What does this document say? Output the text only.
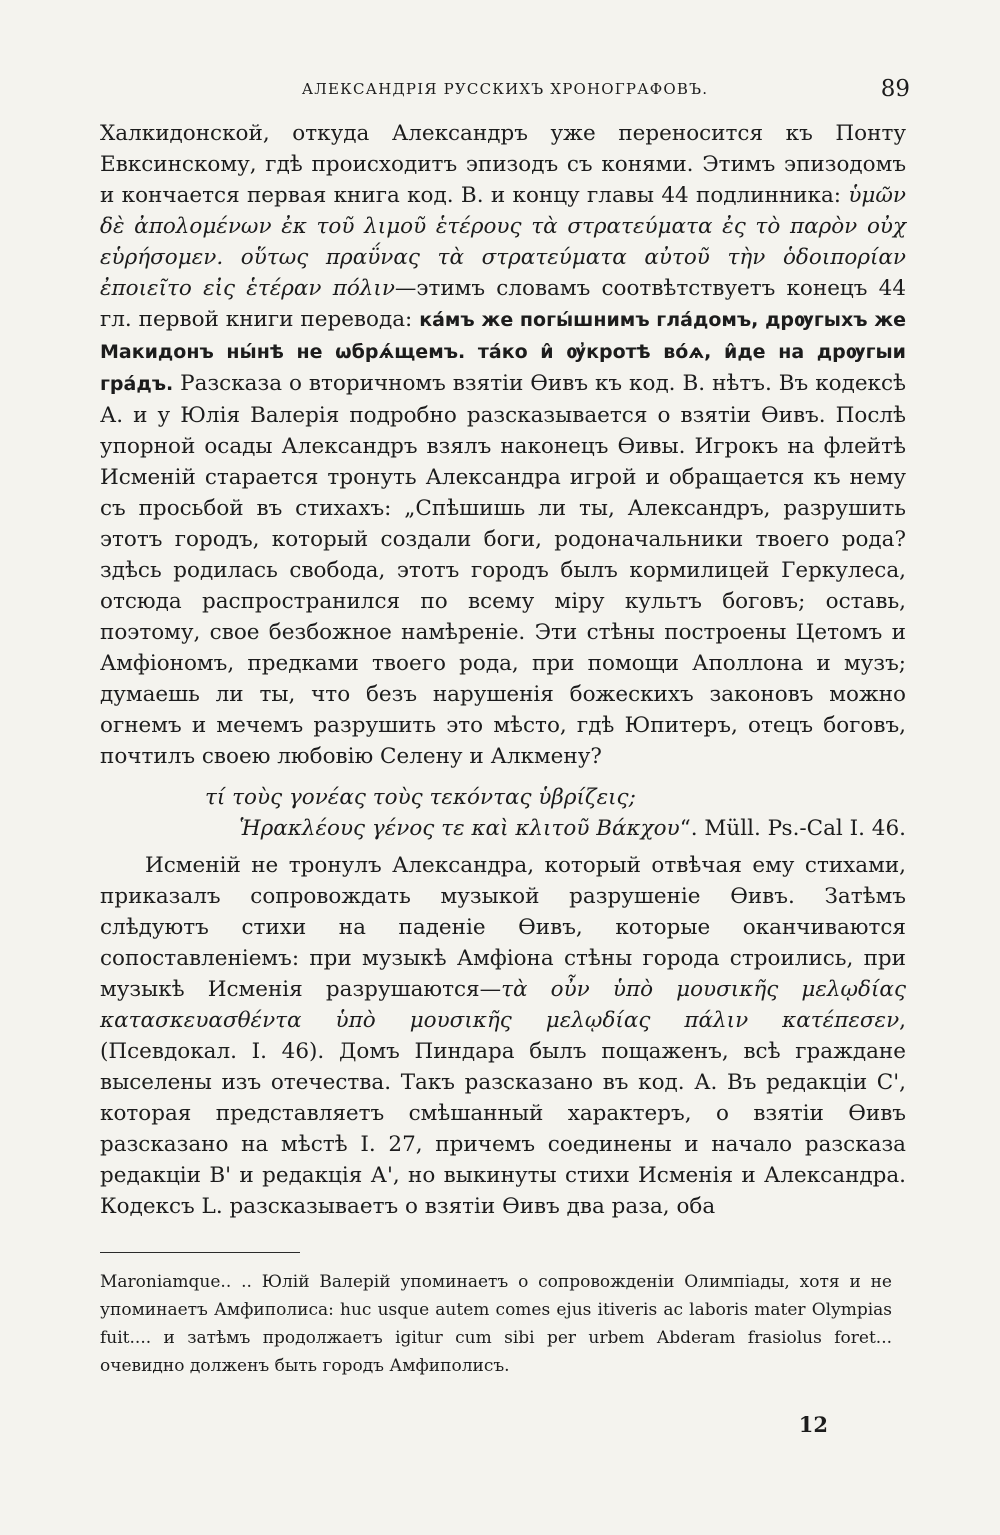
АЛЕКСАНДРІЯ РУССКИХЪ ХРОНОГРАФОВЪ.	89

Халкидонской, откуда Александръ уже переносится къ Понту Евксинскому, гдѣ происходитъ эпизодъ съ конями. Этимъ эпизодомъ и кончается первая книга код. В. и концу главы 44 подлинника: ὑμῶν δὲ ἀπολομένων ἐκ τοῦ λιμοῦ ἑτέρους τὰ στρατεύματα ἐς τὸ παρὸν οὐχ εὑρήσομεν. οὕτως πραΰνας τὰ στρατεύματα αὐτοῦ τὴν ὁδοιπορίαν ἐποιεῖτο εἰς ἑτέραν πόλιν—этимъ словамъ соотвѣтствуетъ конецъ 44 гл. первой книги перевода: кáмъ же погы́шнимъ гла́домъ, дрѹгыхъ же Макидонъ ны́нѣ не ѡбрѧ́щемъ. та́ко и̂ ѹ̓кротѣ во́ѧ, и̂де на дрѹгыи гра́дъ. Разсказа о вторичномъ взятіи Ѳивъ къ код. В. нѣтъ. Въ кодексѣ А. и у Юлія Валерія подробно разсказывается о взятіи Ѳивъ. Послѣ упорной осады Александръ взялъ наконецъ Ѳивы. Игрокъ на флейтѣ Исменій старается тронуть Александра игрой и обращается къ нему съ просьбой въ стихахъ: „Спѣшишь ли ты, Александръ, разрушить этотъ городъ, который создали боги, родоначальники твоего рода? здѣсь родилась свобода, этотъ городъ былъ кормилицей Геркулеса, отсюда распространился по всему міру культъ боговъ; оставь, поэтому, свое безбожное намѣреніе. Эти стѣны построены Цетомъ и Амфіономъ, предками твоего рода, при помощи Аполлона и музъ; думаешь ли ты, что безъ нарушенія божескихъ законовъ можно огнемъ и мечемъ разрушить это мѣсто, гдѣ Юпитеръ, отецъ боговъ, почтилъ своею любовію Селену и Алкмену?

τί τοὺς γονέας τοὺς τεκόντας ὑβρίζεις;
Ἡρακλέους γένος τε καὶ κλιτοῦ Βάκχου“. Müll. Ps.-Cal I. 46.

Исменій не тронулъ Александра, который отвѣчая ему стихами, приказалъ сопровождать музыкой разрушеніе Ѳивъ. Затѣмъ слѣдуютъ стихи на паденіе Ѳивъ, которые оканчиваются сопоставленіемъ: при музыкѣ Амфіона стѣны города строились, при музыкѣ Исменія разрушаются—τὰ οὖν ὑπὸ μουσικῆς μελῳδίας κατασκευασθέντα ὑπὸ μουσικῆς μελῳδίας πάλιν κατέπεσεν, (Псевдокал. I. 46). Домъ Пиндара былъ пощаженъ, всѣ граждане выселены изъ отечества. Такъ разсказано въ код. А. Въ редакціи С', которая представляетъ смѣшанный характеръ, о взятіи Ѳивъ разсказано на мѣстѣ I. 27, причемъ соединены и начало разсказа редакціи В' и редакція А', но выкинуты стихи Исменія и Александра. Кодексъ L. разсказываетъ о взятіи Ѳивъ два раза, оба

Maroniamque.. .. Юлій Валерій упоминаетъ о сопровожденіи Олимпіады, хотя и не упоминаетъ Амфиполиса: huc usque autem comes ejus itiveris ac laboris mater Olympias fuit.... и затѣмъ продолжаетъ igitur cum sibi per urbem Abderam frasiolus foret... очевидно долженъ быть городъ Амфиполисъ.
12
